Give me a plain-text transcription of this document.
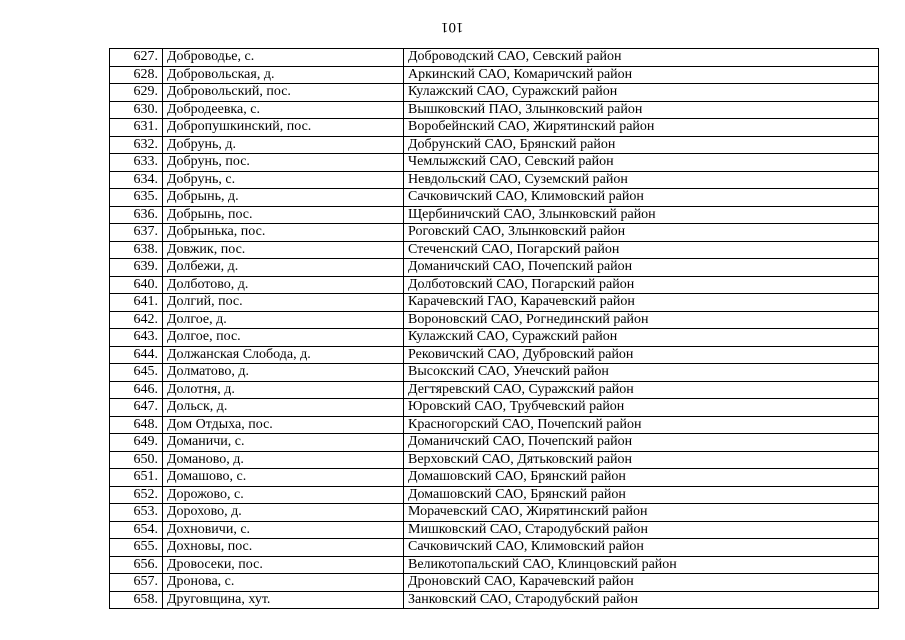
101
627.	Доброводье, с.	Доброводский САО, Севский район
628.	Добровольская, д.	Аркинский САО, Комаричский район
629.	Добровольский, пос.	Кулажский САО, Суражский район
630.	Добродеевка, с.	Вышковский ПАО, Злынковский район
631.	Добропушкинский, пос.	Воробейнский САО, Жирятинский район
632.	Добрунь, д.	Добрунский САО, Брянский район
633.	Добрунь, пос.	Чемлыжский САО, Севский район
634.	Добрунь, с.	Невдольский САО, Суземский район
635.	Добрынь, д.	Сачковичский САО, Климовский район
636.	Добрынь, пос.	Щербиничский САО, Злынковский район
637.	Добрынька, пос.	Роговский САО, Злынковский район
638.	Довжик, пос.	Стеченский САО, Погарский район
639.	Долбежи, д.	Доманичский САО, Почепский район
640.	Долботово, д.	Долботовский САО, Погарский район
641.	Долгий, пос.	Карачевский ГАО, Карачевский район
642.	Долгое, д.	Вороновский САО, Рогнединский район
643.	Долгое, пос.	Кулажский САО, Суражский район
644.	Должанская Слобода, д.	Рековичский САО, Дубровский район
645.	Долматово, д.	Высокский САО, Унечский район
646.	Долотня, д.	Дегтяревский САО, Суражский район
647.	Дольск, д.	Юровский САО, Трубчевский район
648.	Дом Отдыха, пос.	Красногорский САО, Почепский район
649.	Доманичи, с.	Доманичский САО, Почепский район
650.	Доманово, д.	Верховский САО, Дятьковский район
651.	Домашово, с.	Домашовский САО, Брянский район
652.	Дорожово, с.	Домашовский САО, Брянский район
653.	Дорохово, д.	Морачевский САО, Жирятинский район
654.	Дохновичи, с.	Мишковский САО, Стародубский район
655.	Дохновы, пос.	Сачковичский САО, Климовский район
656.	Дровосеки, пос.	Великотопальский САО, Клинцовский район
657.	Дронова, с.	Дроновский САО, Карачевский район
658.	Друговщина, хут.	Занковский САО, Стародубский район
